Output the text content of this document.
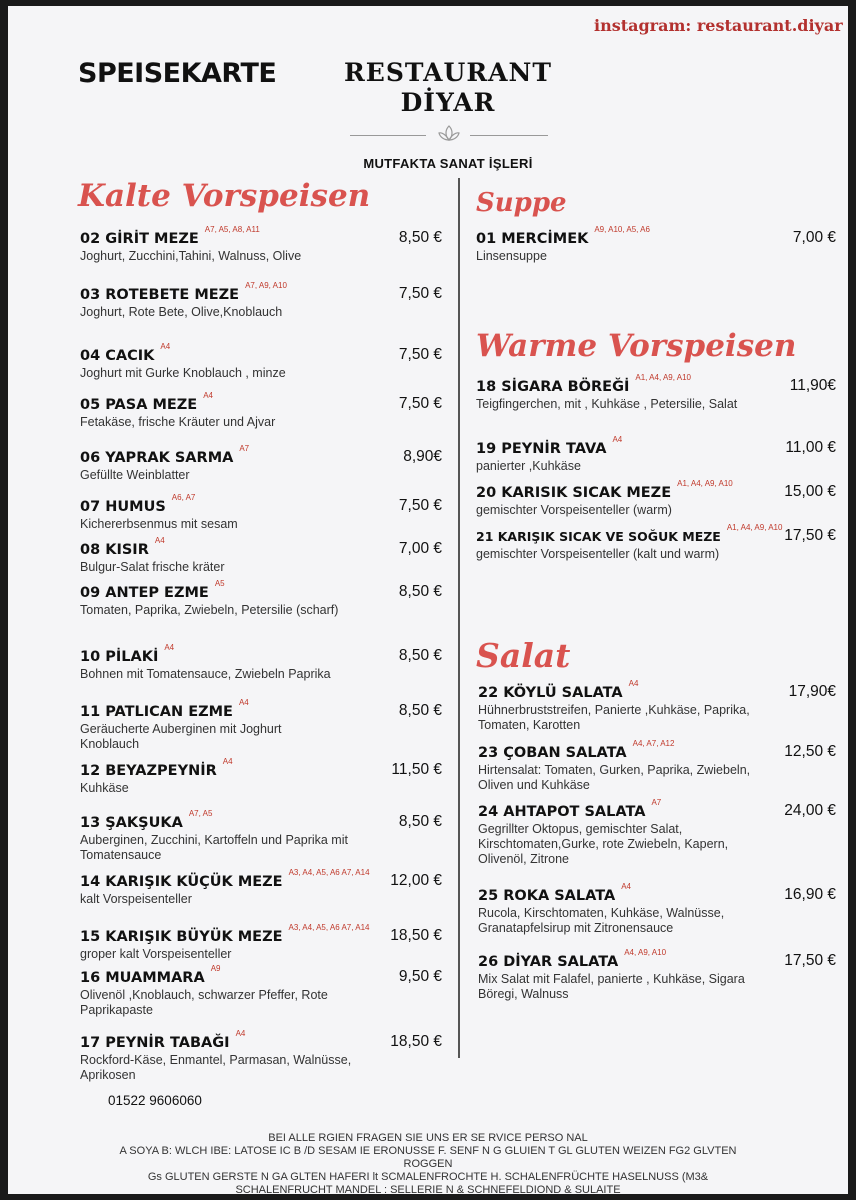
instagram: restaurant.diyar
SPEISEKARTE	RESTAURANT
DİYAR
MUTFAKTA SANAT İŞLERİ
Kalte Vorspeisen	Suppe
Warme Vorspeisen
Salat
02 GİRİT $MEZE^{A7, A5, A8, A11}$
Joghurt, Zucchini,Tahini, Walnuss, Olive
8,50 €
03 ROTEBETE $MEZE^{A7, A9, A10}$
Joghurt, Rote Bete, Olive,Knoblauch
7,50 €
04 $CACIK^{A4}$
Joghurt mit Gurke Knoblauch , minze
7,50 €
05 PASA $MEZE^{A4}$
Fetakäse, frische Kräuter und Ajvar
7,50 €
06 YAPRAK $SARMA^{A7}$
Gefüllte Weinblatter
8,90€
07 $HUMUS^{A6, A7}$
Kichererbsenmus mit sesam
7,50 €
08 $KISIR^{A4}$
Bulgur-Salat frische kräter
7,00 €
09 ANTEP $EZME^{A5}$
Tomaten, Paprika, Zwiebeln, Petersilie (scharf)
8,50 €
10 $PİLAKİ^{A4}$
Bohnen mit Tomatensauce, Zwiebeln Paprika
8,50 €
11 PATLICAN $EZME^{A4}$
Geräucherte Auberginen mit Joghurt
Knoblauch
8,50 €
12 $BEYAZPEYNİR^{A4}$
Kuhkäse
11,50 €
13 $ŞAKŞUKA^{A7, A5}$
Auberginen, Zucchini, Kartoffeln und Paprika mit
Tomatensauce
8,50 €
14 KARIŞIK KÜÇÜK $MEZE^{A3, A4, A5, A6 A7, A14}$
kalt Vorspeisenteller
12,00 €
15 KARIŞIK BÜYÜK $MEZE^{A3, A4, A5, A6 A7, A14}$
groper kalt Vorspeisenteller
18,50 €
16 $MUAMMARA^{A9}$
Olivenöl ,Knoblauch, schwarzer Pfeffer, Rote
Paprikapaste
9,50 €
17 PEYNİR $TABAĞI^{A4}$
Rockford-Käse, Enmantel, Parmasan, Walnüsse,
Aprikosen
18,50 €
01 $MERCİMEK^{A9, A10, A5, A6}$
Linsensuppe
7,00 €
18 SİGARA $BÖREĞİ^{A1, A4, A9, A10}$
Teigfingerchen, mit , Kuhkäse , Petersilie, Salat
11,90€
19 PEYNİR $TAVA^{A4}$
panierter ,Kuhkäse
11,00 €
20 KARISIK SICAK $MEZE^{A1, A4, A9, A10}$
gemischter Vorspeisenteller (warm)
15,00 €
21 KARIŞIK SICAK VE SOĞUK $MEZE^{A1, A4, A9, A10}$
gemischter Vorspeisenteller (kalt und warm)
17,50 €
22 KÖYLÜ $SALATA^{A4}$
Hühnerbruststreifen, Panierte ,Kuhkäse, Paprika,
Tomaten, Karotten
17,90€
23 ÇOBAN $SALATA^{A4, A7, A12}$
Hirtensalat: Tomaten, Gurken, Paprika, Zwiebeln,
Oliven und Kuhkäse
12,50 €
24 AHTAPOT $SALATA^{A7}$
Gegrillter Oktopus, gemischter Salat,
Kirschtomaten,Gurke, rote Zwiebeln, Kapern,
Olivenöl, Zitrone
24,00 €
25 ROKA $SALATA^{A4}$
Rucola, Kirschtomaten, Kuhkäse, Walnüsse,
Granatapfelsirup mit Zitronensauce
16,90 €
26 DİYAR $SALATA^{A4, A9, A10}$
Mix Salat mit Falafel, panierte , Kuhkäse, Sigara
Böregi, Walnuss
17,50 €
01522 9606060
BEI ALLE RGIEN FRAGEN SIE UNS ER SE RVICE PERSO NAL
A SOYA B: WLCH IBE: LATOSE IC B /D SESAM IE ERONUSSE F. SENF N G GLUIEN T GL GLUTEN WEIZEN FG2 GLVTEN
ROGGEN
Gs GLUTEN GERSTE N GA GLTEN HAFERI lt SCMALENFROCHTE H. SCHALENFRÜCHTE HASELNUSS (M3&
SCHALENFRUCHT MANDEL : SELLERIE N & SCHNEFELDIOND & SULAITE
